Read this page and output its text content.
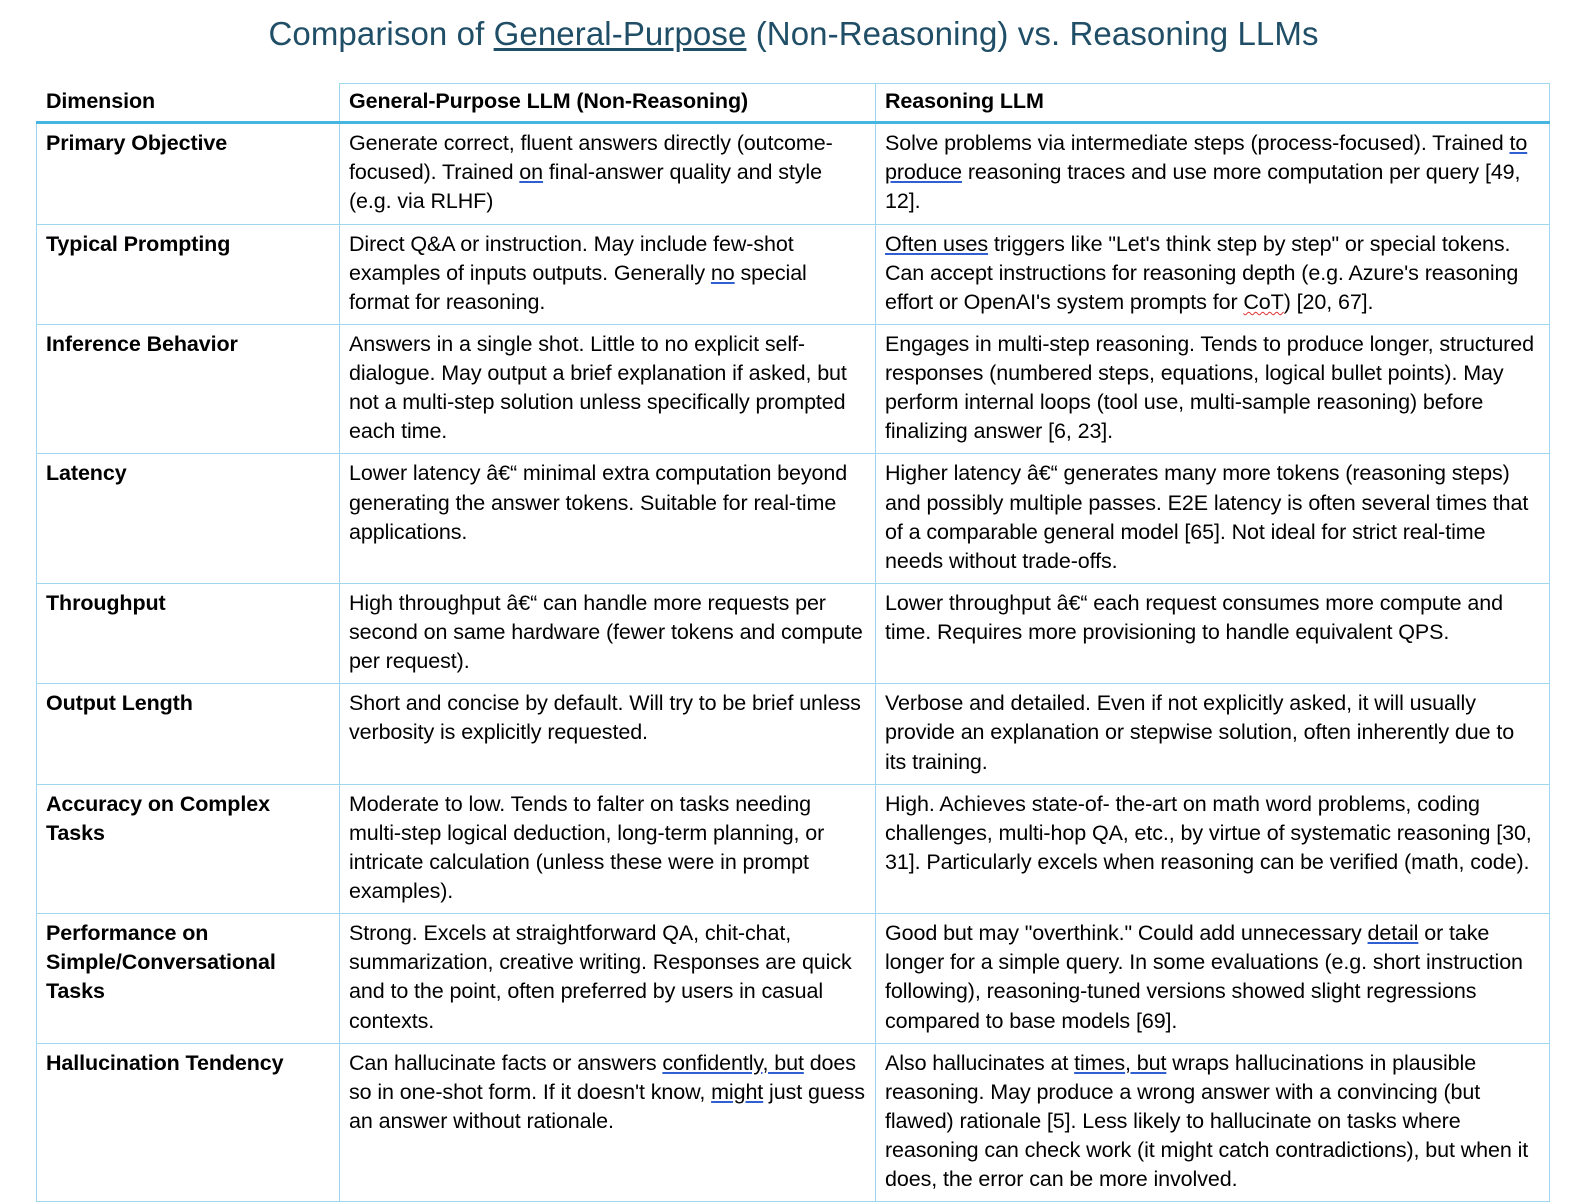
Comparison of General-Purpose (Non-Reasoning) vs. Reasoning LLMs
Dimension	General-Purpose LLM (Non-Reasoning)	Reasoning LLM
Primary Objective	Generate correct, fluent answers directly (outcome- focused). Trained on final-answer quality and style (e.g. via RLHF)	Solve problems via intermediate steps (process-focused). Trained to produce reasoning traces and use more computation per query [49, 12].
Typical Prompting	Direct Q&A or instruction. May include few-shot examples of inputs outputs. Generally no special format for reasoning.	Often uses triggers like "Let's think step by step" or special tokens. Can accept instructions for reasoning depth (e.g. Azure's reasoning effort or OpenAI's system prompts for CoT) [20, 67].
Inference Behavior	Answers in a single shot. Little to no explicit self-dialogue. May output a brief explanation if asked, but not a multi-step solution unless specifically prompted each time.	Engages in multi-step reasoning. Tends to produce longer, structured responses (numbered steps, equations, logical bullet points). May perform internal loops (tool use, multi-sample reasoning) before finalizing answer [6, 23].
Latency	Lower latency â€“ minimal extra computation beyond generating the answer tokens. Suitable for real-time applications.	Higher latency â€“ generates many more tokens (reasoning steps) and possibly multiple passes. E2E latency is often several times that of a comparable general model [65]. Not ideal for strict real-time needs without trade-offs.
Throughput	High throughput â€“ can handle more requests per second on same hardware (fewer tokens and compute per request).	Lower throughput â€“ each request consumes more compute and time. Requires more provisioning to handle equivalent QPS.
Output Length	Short and concise by default. Will try to be brief unless verbosity is explicitly requested.	Verbose and detailed. Even if not explicitly asked, it will usually provide an explanation or stepwise solution, often inherently due to its training.
Accuracy on Complex Tasks	Moderate to low. Tends to falter on tasks needing multi-step logical deduction, long-term planning, or intricate calculation (unless these were in prompt examples).	High. Achieves state-of- the-art on math word problems, coding challenges, multi-hop QA, etc., by virtue of systematic reasoning [30, 31]. Particularly excels when reasoning can be verified (math, code).
Performance on Simple/Conversational Tasks	Strong. Excels at straightforward QA, chit-chat, summarization, creative writing. Responses are quick and to the point, often preferred by users in casual contexts.	Good but may "overthink." Could add unnecessary detail or take longer for a simple query. In some evaluations (e.g. short instruction following), reasoning-tuned versions showed slight regressions compared to base models [69].
Hallucination Tendency	Can hallucinate facts or answers confidently, but does so in one-shot form. If it doesn't know, might just guess an answer without rationale.	Also hallucinates at times, but wraps hallucinations in plausible reasoning. May produce a wrong answer with a convincing (but flawed) rationale [5]. Less likely to hallucinate on tasks where reasoning can check work (it might catch contradictions), but when it does, the error can be more involved.
